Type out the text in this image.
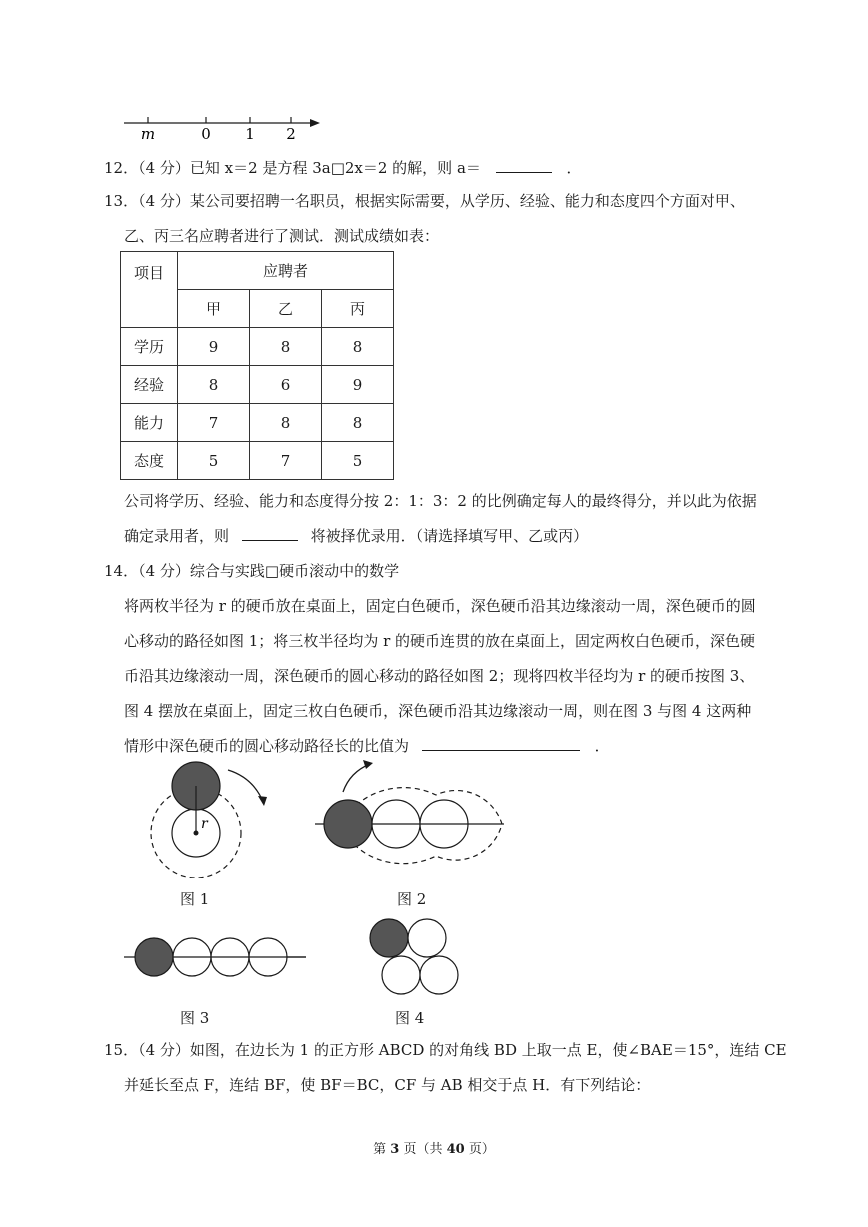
m	0 1 2
12．（4 分）已知 x＝2 是方程 3a□2x＝2 的解，则 a＝	．
13．（4 分）某公司要招聘一名职员，根据实际需要，从学历、经验、能力和态度四个方面对甲、
乙、丙三名应聘者进行了测试．测试成绩如表：
项目	应聘者		
	甲	乙	丙
学历	9	8	8
经验	8	6	9
能力	7	8	8
态度	5	7	5
公司将学历、经验、能力和态度得分按 2：1：3：2 的比例确定每人的最终得分，并以此为依据
确定录用者，则	将被择优录用．（请选择填写甲、乙或丙）
14．（4 分）综合与实践□硬币滚动中的数学
将两枚半径为 r 的硬币放在桌面上，固定白色硬币，深色硬币沿其边缘滚动一周，深色硬币的圆
心移动的路径如图 1；将三枚半径均为 r 的硬币连贯的放在桌面上，固定两枚白色硬币，深色硬
币沿其边缘滚动一周，深色硬币的圆心移动的路径如图 2；现将四枚半径均为 r 的硬币按图 3、
图 4 摆放在桌面上，固定三枚白色硬币，深色硬币沿其边缘滚动一周，则在图 3 与图 4 这两种
情形中深色硬币的圆心移动路径长的比值为	．
r
图 1	图 2
图 3	图 4
15．（4 分）如图，在边长为 1 的正方形 ABCD 的对角线 BD 上取一点 E，使∠BAE＝15°，连结 CE
并延长至点 F，连结 BF，使 BF＝BC，CF 与 AB 相交于点 H．有下列结论：
第 3 页（共 40 页）
